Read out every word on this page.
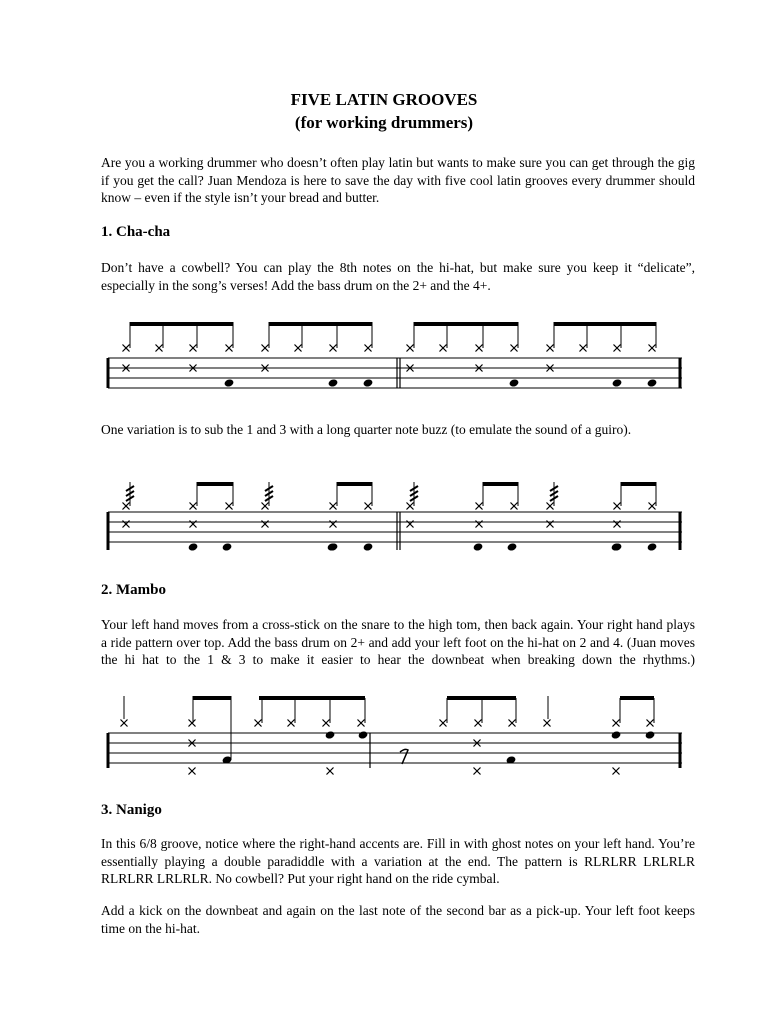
FIVE LATIN GROOVES
(for working drummers)
Are you a working drummer who doesn’t often play latin but wants to make sure you can get through the gig if you get the call? Juan Mendoza is here to save the day with five cool latin grooves every drummer should know – even if the style isn’t your bread and butter.
1. Cha-cha
Don’t have a cowbell? You can play the 8th notes on the hi-hat, but make sure you keep it “delicate”, especially in the song’s verses! Add the bass drum on the 2+ and the 4+.
One variation is to sub the 1 and 3 with a long quarter note buzz (to emulate the sound of a guiro).
2. Mambo
Your left hand moves from a cross-stick on the snare to the high tom, then back again. Your right hand plays a ride pattern over top. Add the bass drum on 2+ and add your left foot on the hi-hat on 2 and 4. (Juan moves the hi hat to the 1 & 3 to make it easier to hear the downbeat when breaking down the rhythms.)
3. Nanigo
In this 6/8 groove, notice where the right-hand accents are. Fill in with ghost notes on your left hand. You’re essentially playing a double paradiddle with a variation at the end. The pattern is RLRLRR LRLRLR RLRLRR LRLRLR. No cowbell? Put your right hand on the ride cymbal.
Add a kick on the downbeat and again on the last note of the second bar as a pick-up. Your left foot keeps time on the hi-hat.
